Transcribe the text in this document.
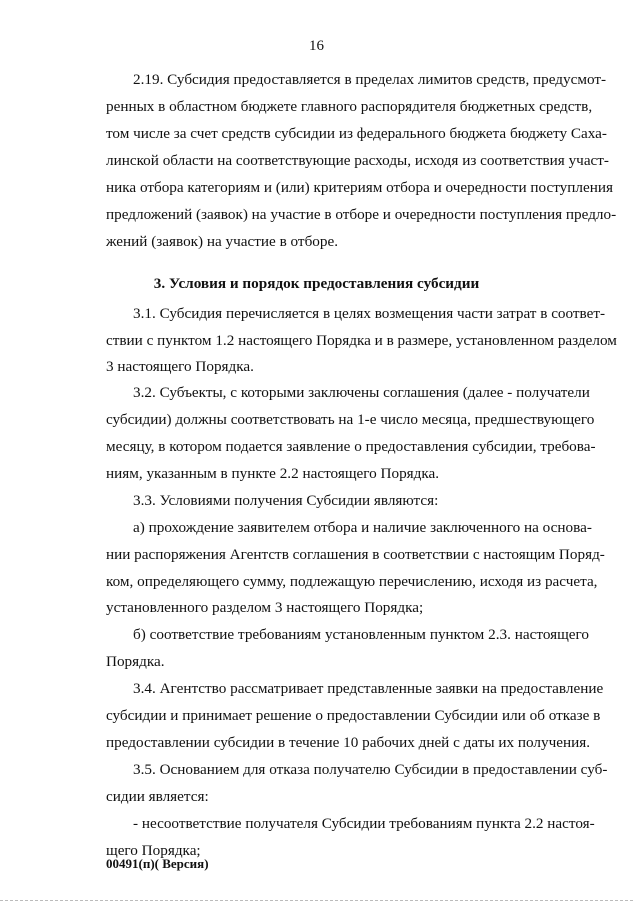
16
2.19. Субсидия предоставляется в пределах лимитов средств, предусмот-
ренных в областном бюджете главного распорядителя бюджетных средств,
том числе за счет средств субсидии из федерального бюджета бюджету Саха-
линской области на соответствующие расходы, исходя из соответствия участ-
ника отбора категориям и (или) критериям отбора и очередности поступления
предложений (заявок) на участие в отборе и очередности поступления предло-
жений (заявок) на участие в отборе.
3. Условия и порядок предоставления субсидии
3.1. Субсидия перечисляется в целях возмещения части затрат в соответ-
ствии с пунктом 1.2 настоящего Порядка и в размере, установленном разделом
3 настоящего Порядка.
3.2. Субъекты, с которыми заключены соглашения (далее - получатели
субсидии) должны соответствовать на 1-е число месяца, предшествующего
месяцу, в котором подается заявление о предоставления субсидии, требова-
ниям, указанным в пункте 2.2 настоящего Порядка.
3.3. Условиями получения Субсидии являются:
а) прохождение заявителем отбора и наличие заключенного на основа-
нии распоряжения Агентств соглашения в соответствии с настоящим Поряд-
ком, определяющего сумму, подлежащую перечислению, исходя из расчета,
установленного разделом 3 настоящего Порядка;
б) соответствие требованиям установленным пунктом 2.3. настоящего
Порядка.
3.4. Агентство рассматривает представленные заявки на предоставление
субсидии и принимает решение о предоставлении Субсидии или об отказе в
предоставлении субсидии в течение 10 рабочих дней с даты их получения.
3.5. Основанием для отказа получателю Субсидии в предоставлении суб-
сидии является:
- несоответствие получателя Субсидии требованиям пункта 2.2 настоя-
щего Порядка;
00491(п)( Версия)
